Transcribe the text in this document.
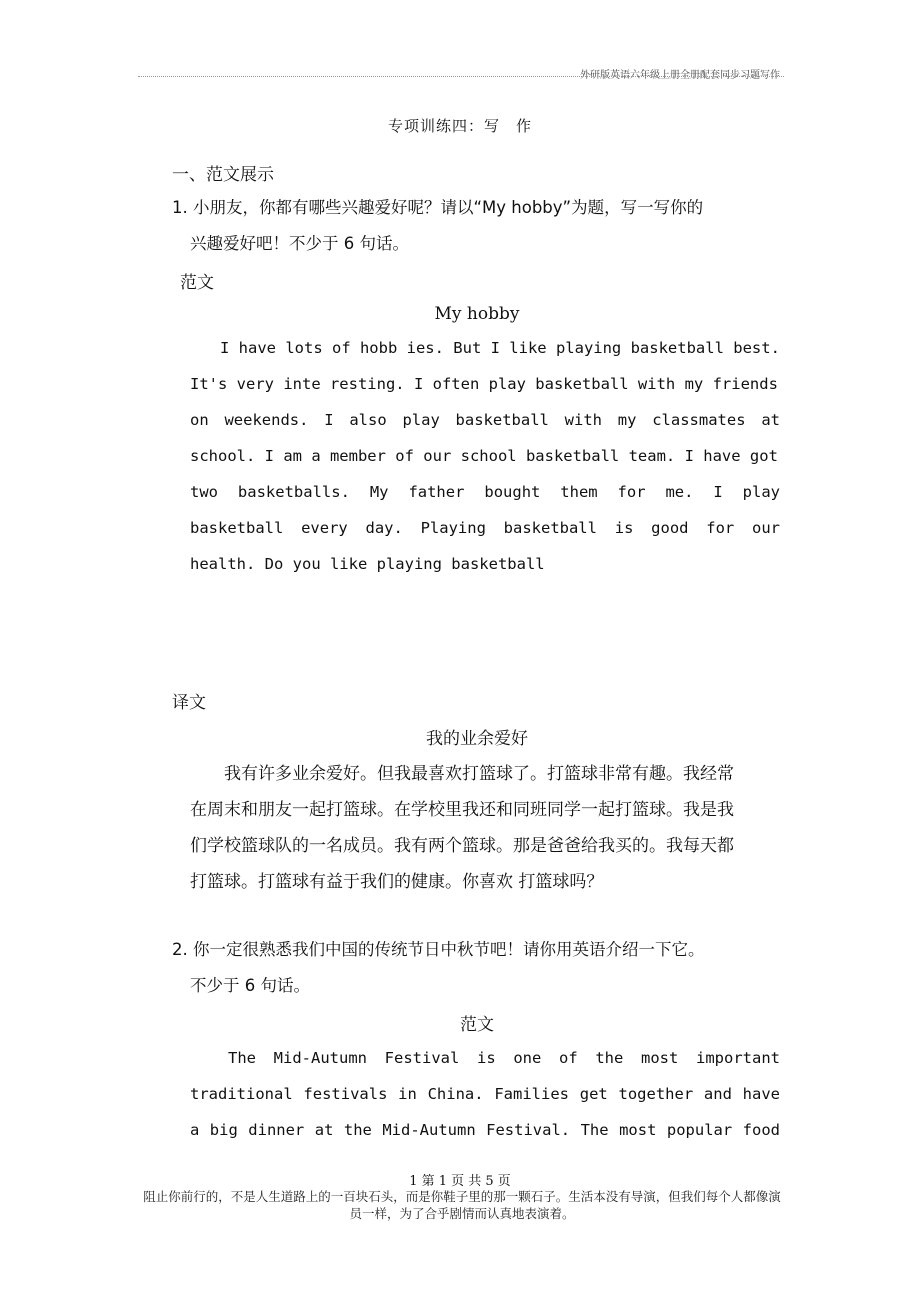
外研版英语六年级上册全册配套同步习题写作
专项训练四：写　作
一、范文展示
1. 小朋友，你都有哪些兴趣爱好呢？请以“My hobby”为题，写一写你的
兴趣爱好吧！不少于 6 句话。
范文
My hobby
I have lots of hobb ies. But I like playing basketball best.
It's very inte resting. I often play basketball with my friends
on weekends. I also play basketball with my classmates at
school. I am a member of our school basketball team. I have got
two basketballs. My father bought them for me. I play
basketball every day. Playing basketball is good for our
health. Do you like playing basketball
译文
我的业余爱好
　　我有许多业余爱好。但我最喜欢打篮球了。打篮球非常有趣。我经常
在周末和朋友一起打篮球。在学校里我还和同班同学一起打篮球。我是我
们学校篮球队的一名成员。我有两个篮球。那是爸爸给我买的。我每天都
打篮球。打篮球有益于我们的健康。你喜欢 打篮球吗？
2. 你一定很熟悉我们中国的传统节日中秋节吧！请你用英语介绍一下它。
不少于 6 句话。
范文
The Mid-Autumn Festival is one of the most important
traditional festivals in China. Families get together and have
a big dinner at the Mid-Autumn Festival. The most popular food
1 第 1 页 共 5 页
阻止你前行的，不是人生道路上的一百块石头，而是你鞋子里的那一颗石子。生活本没有导演，但我们每个人都像演员一样，为了合乎剧情而认真地表演着。
